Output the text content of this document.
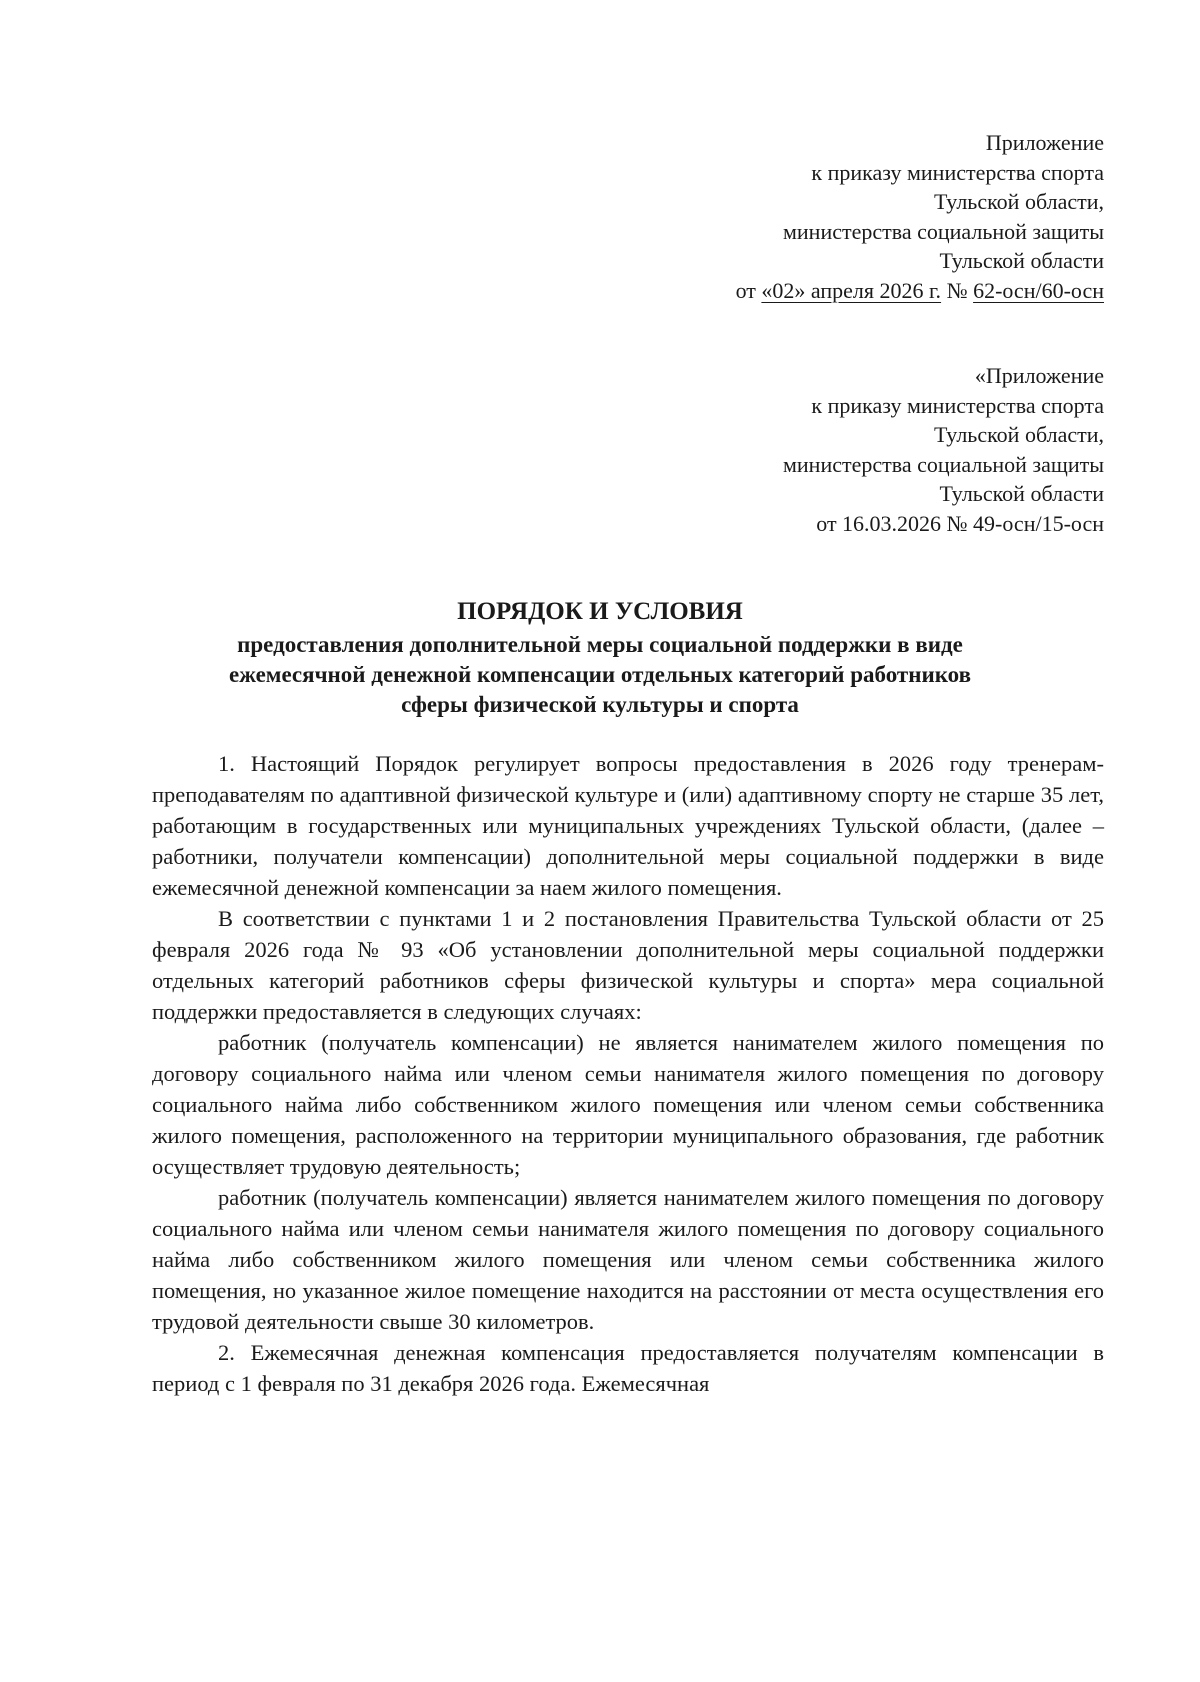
Приложение
к приказу министерства спорта
Тульской области,
министерства социальной защиты
Тульской области
от «02» апреля 2026 г. № 62-осн/60-осн
«Приложение
к приказу министерства спорта
Тульской области,
министерства социальной защиты
Тульской области
от 16.03.2026 № 49-осн/15-осн
ПОРЯДОК И УСЛОВИЯ
предоставления дополнительной меры социальной поддержки в виде
ежемесячной денежной компенсации отдельных категорий работников
сферы физической культуры и спорта

1. Настоящий Порядок регулирует вопросы предоставления в 2026 году тренерам-преподавателям по адаптивной физической культуре и (или) адаптивному спорту не старше 35 лет, работающим в государственных или муниципальных учреждениях Тульской области, (далее – работники, получатели компенсации) дополнительной меры социальной поддержки в виде ежемесячной денежной компенсации за наем жилого помещения.

В соответствии с пунктами 1 и 2 постановления Правительства Тульской области от 25 февраля 2026 года № 93 «Об установлении дополнительной меры социальной поддержки отдельных категорий работников сферы физической культуры и спорта» мера социальной поддержки предоставляется в следующих случаях:

работник (получатель компенсации) не является нанимателем жилого помещения по договору социального найма или членом семьи нанимателя жилого помещения по договору социального найма либо собственником жилого помещения или членом семьи собственника жилого помещения, расположенного на территории муниципального образования, где работник осуществляет трудовую деятельность;

работник (получатель компенсации) является нанимателем жилого помещения по договору социального найма или членом семьи нанимателя жилого помещения по договору социального найма либо собственником жилого помещения или членом семьи собственника жилого помещения, но указанное жилое помещение находится на расстоянии от места осуществления его трудовой деятельности свыше 30 километров.

2. Ежемесячная денежная компенсация предоставляется получателям компенсации в период с 1 февраля по 31 декабря 2026 года. Ежемесячная
